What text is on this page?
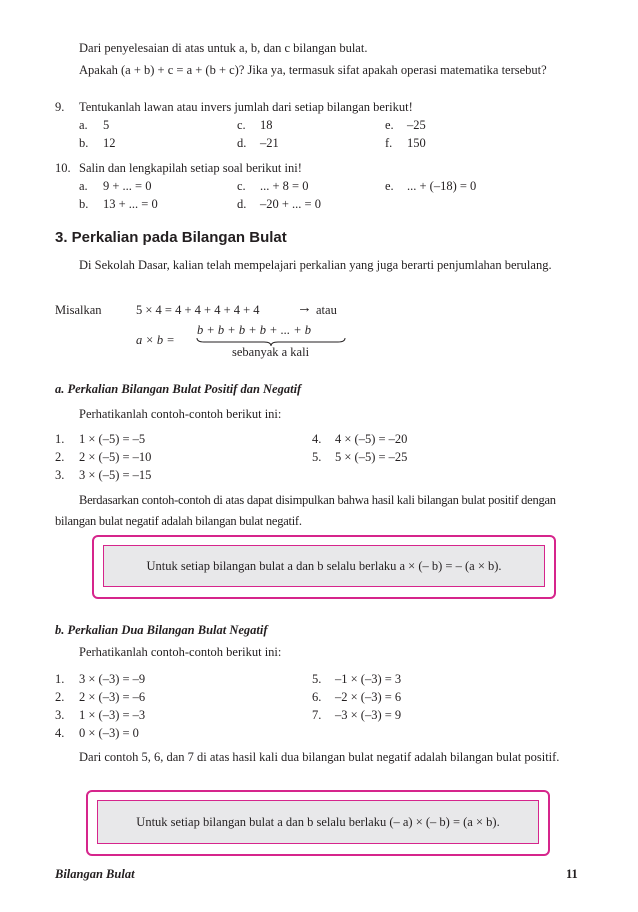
Dari penyelesaian di atas untuk a, b, dan c bilangan bulat.
Apakah (a + b) + c = a + (b + c)? Jika ya, termasuk sifat apakah operasi matematika tersebut?
9. Tentukanlah lawan atau invers jumlah dari setiap bilangan berikut!
a. 5	c. 18	e. –25
b. 12	d. –21	f. 150
10. Salin dan lengkapilah setiap soal berikut ini!
a. 9 + ... = 0	c. ... + 8 = 0	e. ... + (–18) = 0
b. 13 + ... = 0	d. –20 + ... = 0
3. Perkalian pada Bilangan Bulat
Di Sekolah Dasar, kalian telah mempelajari perkalian yang juga berarti penjumlahan berulang.
Misalkan	5 × 4 = 4 + 4 + 4 + 4 + 4 → atau
a × b =
b + b + b + b + ... + b
sebanyak a kali
a. Perkalian Bilangan Bulat Positif dan Negatif
Perhatikanlah contoh-contoh berikut ini:
1. 1 × (–5) = –5
2. 2 × (–5) = –10
3. 3 × (–5) = –15
4. 4 × (–5) = –20
5. 5 × (–5) = –25
Berdasarkan contoh-contoh di atas dapat disimpulkan bahwa hasil kali bilangan bulat positif dengan bilangan bulat negatif adalah bilangan bulat negatif.
Untuk setiap bilangan bulat a dan b selalu berlaku a × (– b) = – (a × b).
b. Perkalian Dua Bilangan Bulat Negatif
Perhatikanlah contoh-contoh berikut ini:
1. 3 × (–3) = –9
2. 2 × (–3) = –6
3. 1 × (–3) = –3
4. 0 × (–3) = 0
5. –1 × (–3) = 3
6. –2 × (–3) = 6
7. –3 × (–3) = 9
Dari contoh 5, 6, dan 7 di atas hasil kali dua bilangan bulat negatif adalah bilangan bulat positif.
Untuk setiap bilangan bulat a dan b selalu berlaku (– a) × (– b) = (a × b).
Bilangan Bulat	11
